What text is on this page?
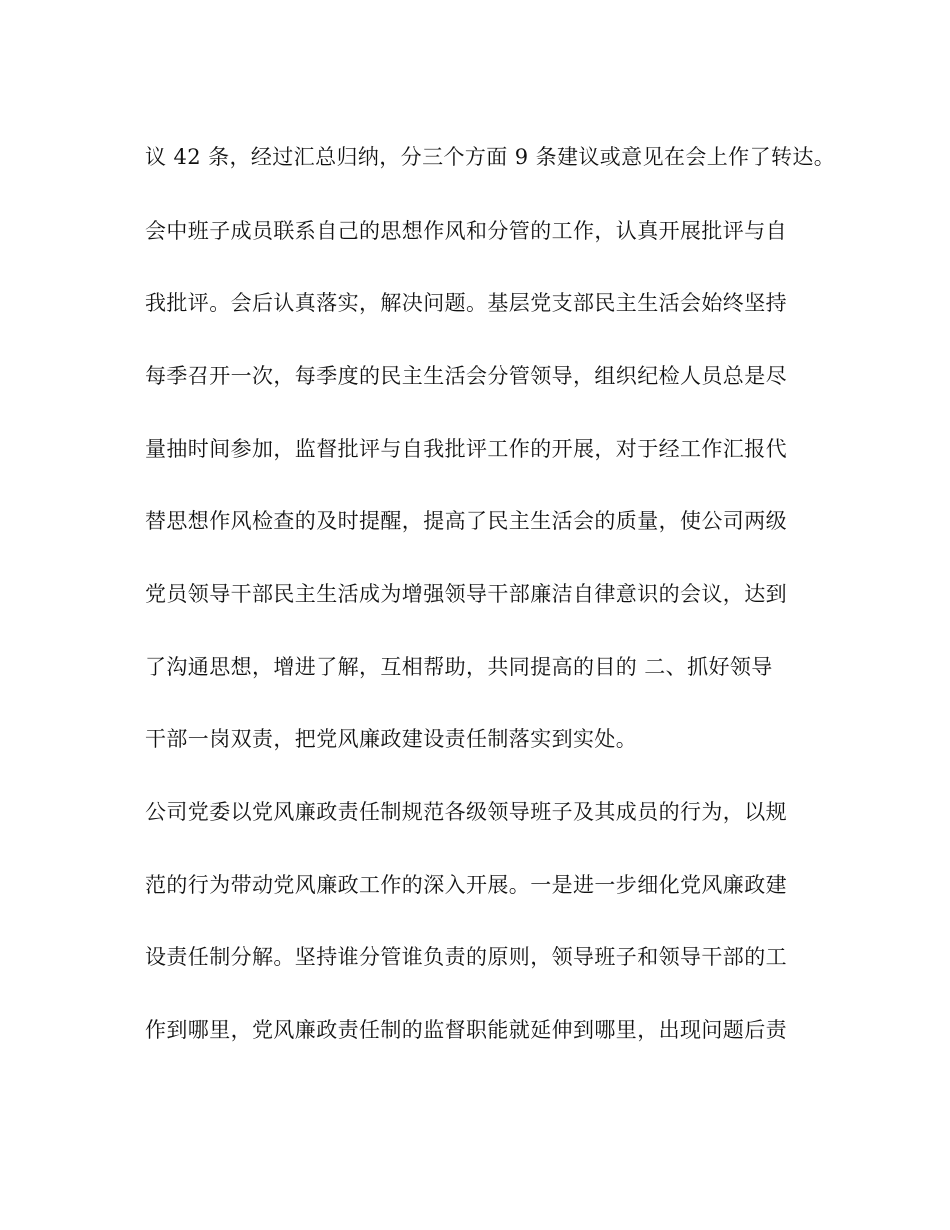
议 42 条，经过汇总归纳，分三个方面 9 条建议或意见在会上作了转达。
会中班子成员联系自己的思想作风和分管的工作，认真开展批评与自
我批评。会后认真落实，解决问题。基层党支部民主生活会始终坚持
每季召开一次，每季度的民主生活会分管领导，组织纪检人员总是尽
量抽时间参加，监督批评与自我批评工作的开展，对于经工作汇报代
替思想作风检查的及时提醒，提高了民主生活会的质量，使公司两级
党员领导干部民主生活成为增强领导干部廉洁自律意识的会议，达到
了沟通思想，增进了解，互相帮助，共同提高的目的 二、抓好领导
干部一岗双责，把党风廉政建设责任制落实到实处。
公司党委以党风廉政责任制规范各级领导班子及其成员的行为，以规
范的行为带动党风廉政工作的深入开展。一是进一步细化党风廉政建
设责任制分解。坚持谁分管谁负责的原则，领导班子和领导干部的工
作到哪里，党风廉政责任制的监督职能就延伸到哪里，出现问题后责
